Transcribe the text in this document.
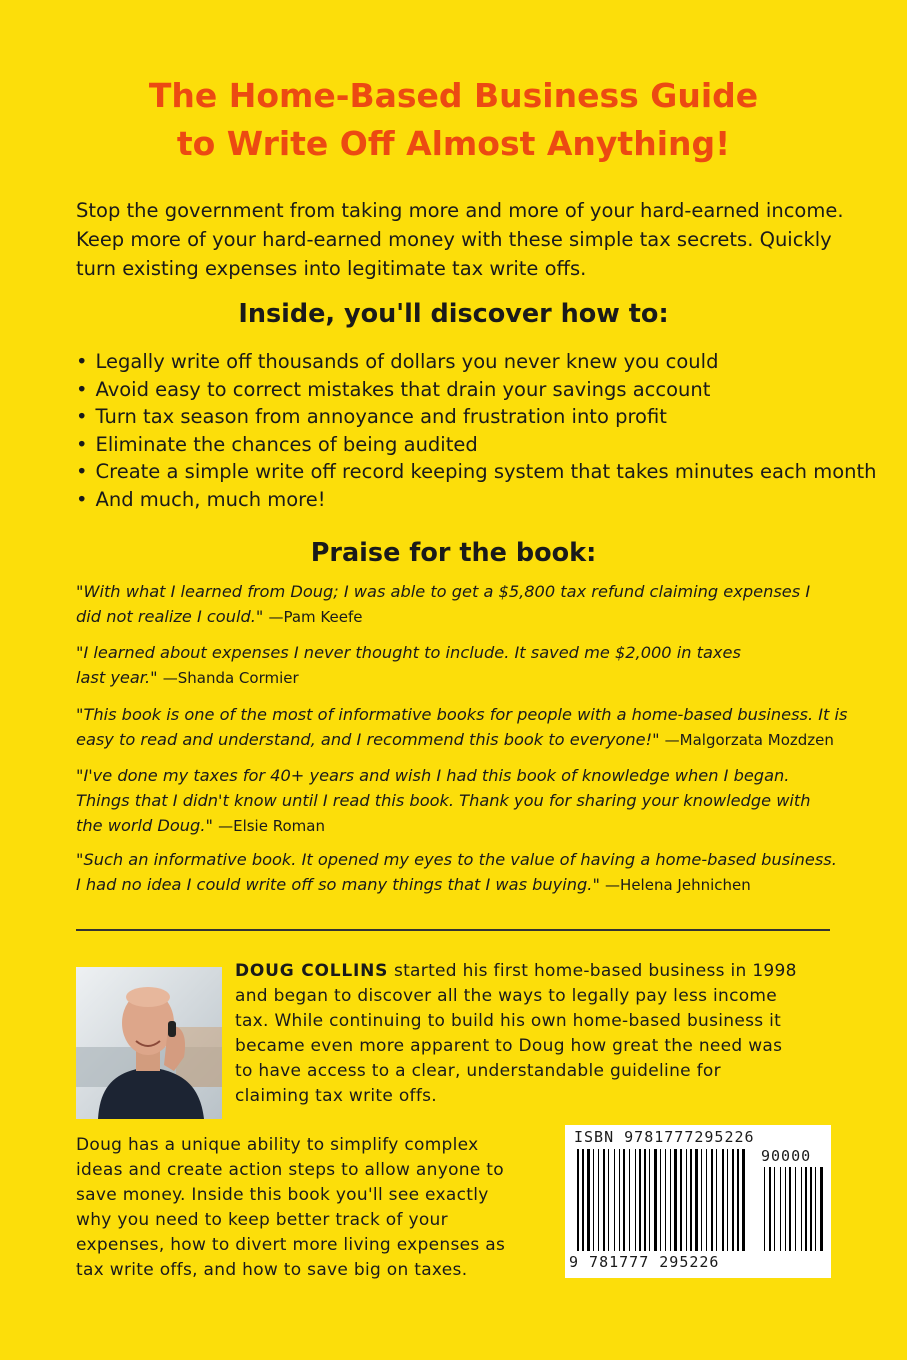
The Home-Based Business Guide
to Write Off Almost Anything!

Stop the government from taking more and more of your hard-earned income.
Keep more of your hard-earned money with these simple tax secrets. Quickly
turn existing expenses into legitimate tax write offs.

Inside, you'll discover how to:
• Legally write off thousands of dollars you never knew you could
• Avoid easy to correct mistakes that drain your savings account
• Turn tax season from annoyance and frustration into profit
• Eliminate the chances of being audited
• Create a simple write off record keeping system that takes minutes each month
• And much, much more!
Praise for the book:

"With what I learned from Doug; I was able to get a $5,800 tax refund claiming expenses I
did not realize I could." —Pam Keefe

"I learned about expenses I never thought to include. It saved me $2,000 in taxes
last year." —Shanda Cormier

"This book is one of the most of informative books for people with a home-based business. It is
easy to read and understand, and I recommend this book to everyone!" —Malgorzata Mozdzen

"I've done my taxes for 40+ years and wish I had this book of knowledge when I began.
Things that I didn't know until I read this book. Thank you for sharing your knowledge with
the world Doug." —Elsie Roman

"Such an informative book. It opened my eyes to the value of having a home-based business.
I had no idea I could write off so many things that I was buying." —Helena Jehnichen

DOUG COLLINS started his first home-based business in 1998
and began to discover all the ways to legally pay less income
tax. While continuing to build his own home-based business it
became even more apparent to Doug how great the need was
to have access to a clear, understandable guideline for
claiming tax write offs.

Doug has a unique ability to simplify complex
ideas and create action steps to allow anyone to
save money. Inside this book you'll see exactly
why you need to keep better track of your
expenses, how to divert more living expenses as
tax write offs, and how to save big on taxes.

ISBN 9781777295226
90000
9 781777 295226
